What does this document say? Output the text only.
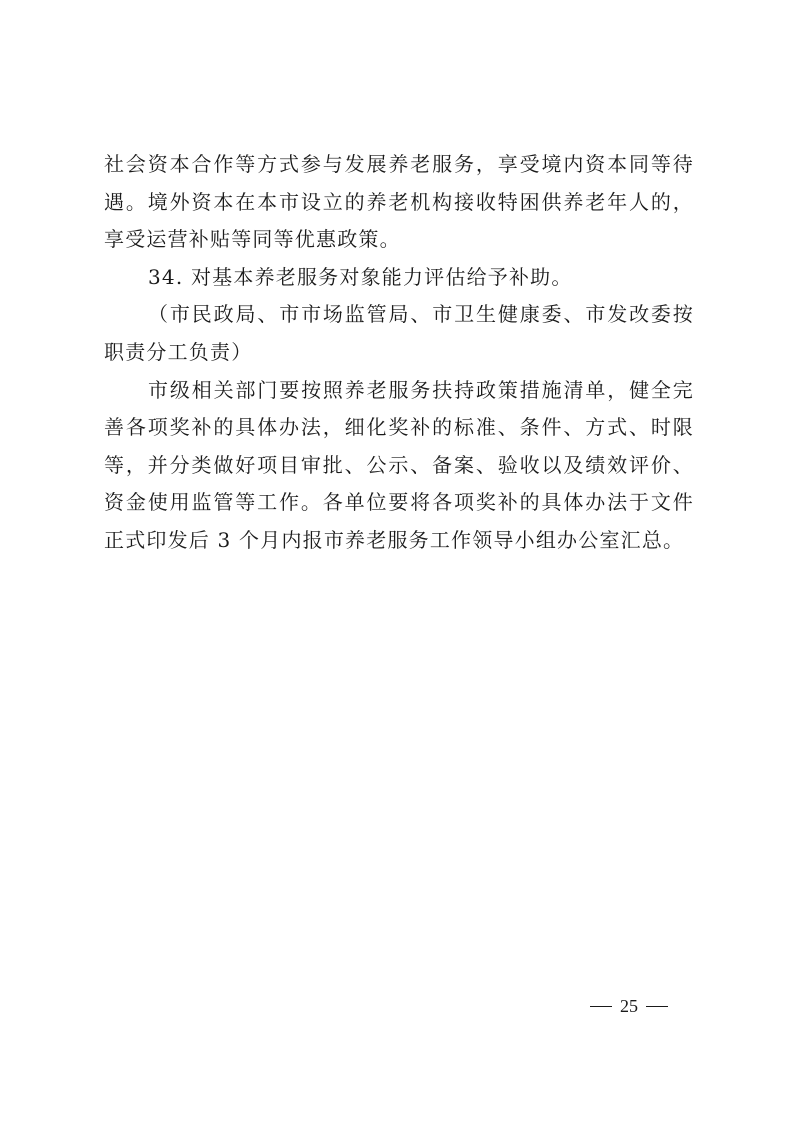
社会资本合作等方式参与发展养老服务，享受境内资本同等待遇。境外资本在本市设立的养老机构接收特困供养老年人的，享受运营补贴等同等优惠政策。

34. 对基本养老服务对象能力评估给予补助。

（市民政局、市市场监管局、市卫生健康委、市发改委按职责分工负责）

市级相关部门要按照养老服务扶持政策措施清单，健全完善各项奖补的具体办法，细化奖补的标准、条件、方式、时限等，并分类做好项目审批、公示、备案、验收以及绩效评价、资金使用监管等工作。各单位要将各项奖补的具体办法于文件正式印发后 3 个月内报市养老服务工作领导小组办公室汇总。

25
